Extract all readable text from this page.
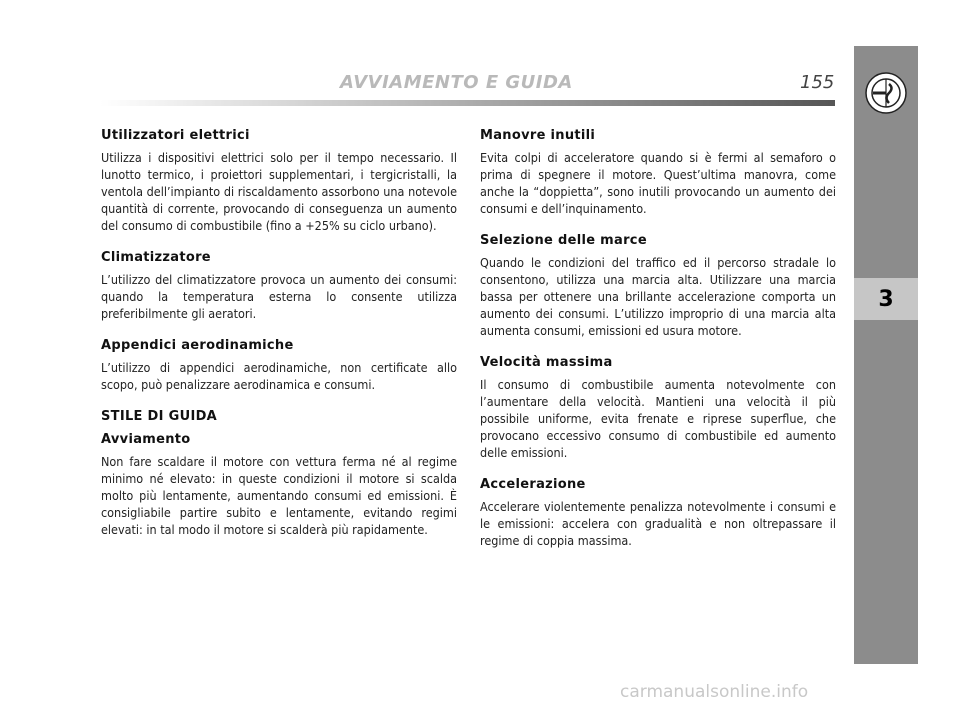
AVVIAMENTO E GUIDA	155
3
Utilizzatori elettrici

Utilizza i dispositivi elettrici solo per il tempo necessario. Il lunotto termico, i proiettori supplementari, i tergicristalli, la ventola dell’impianto di riscaldamento assorbono una notevole quantità di corrente, provocando di conseguenza un aumento del consumo di combustibile (fino a +25% su ciclo urbano).

Climatizzatore

L’utilizzo del climatizzatore provoca un aumento dei consumi: quando la temperatura esterna lo consente utilizza preferibilmente gli aeratori.

Appendici aerodinamiche

L’utilizzo di appendici aerodinamiche, non certificate allo scopo, può penalizzare aerodinamica e consumi.

STILE DI GUIDA
Avviamento

Non fare scaldare il motore con vettura ferma né al regime minimo né elevato: in queste condizioni il motore si scalda molto più lentamente, aumentando consumi ed emissioni. È consigliabile partire subito e lentamente, evitando regimi elevati: in tal modo il motore si scalderà più rapidamente.

Manovre inutili

Evita colpi di acceleratore quando si è fermi al semaforo o prima di spegnere il motore. Quest’ultima manovra, come anche la “doppietta”, sono inutili provocando un aumento dei consumi e dell’inquinamento.

Selezione delle marce

Quando le condizioni del traffico ed il percorso stradale lo consentono, utilizza una marcia alta. Utilizzare una marcia bassa per ottenere una brillante accelerazione comporta un aumento dei consumi. L’utilizzo improprio di una marcia alta aumenta consumi, emissioni ed usura motore.

Velocità massima

Il consumo di combustibile aumenta notevolmente con l’aumentare della velocità. Mantieni una velocità il più possibile uniforme, evita frenate e riprese superflue, che provocano eccessivo consumo di combustibile ed aumento delle emissioni.

Accelerazione

Accelerare violentemente penalizza notevolmente i consumi e le emissioni: accelera con gradualità e non oltrepassare il regime di coppia massima.

carmanualsonline.info
